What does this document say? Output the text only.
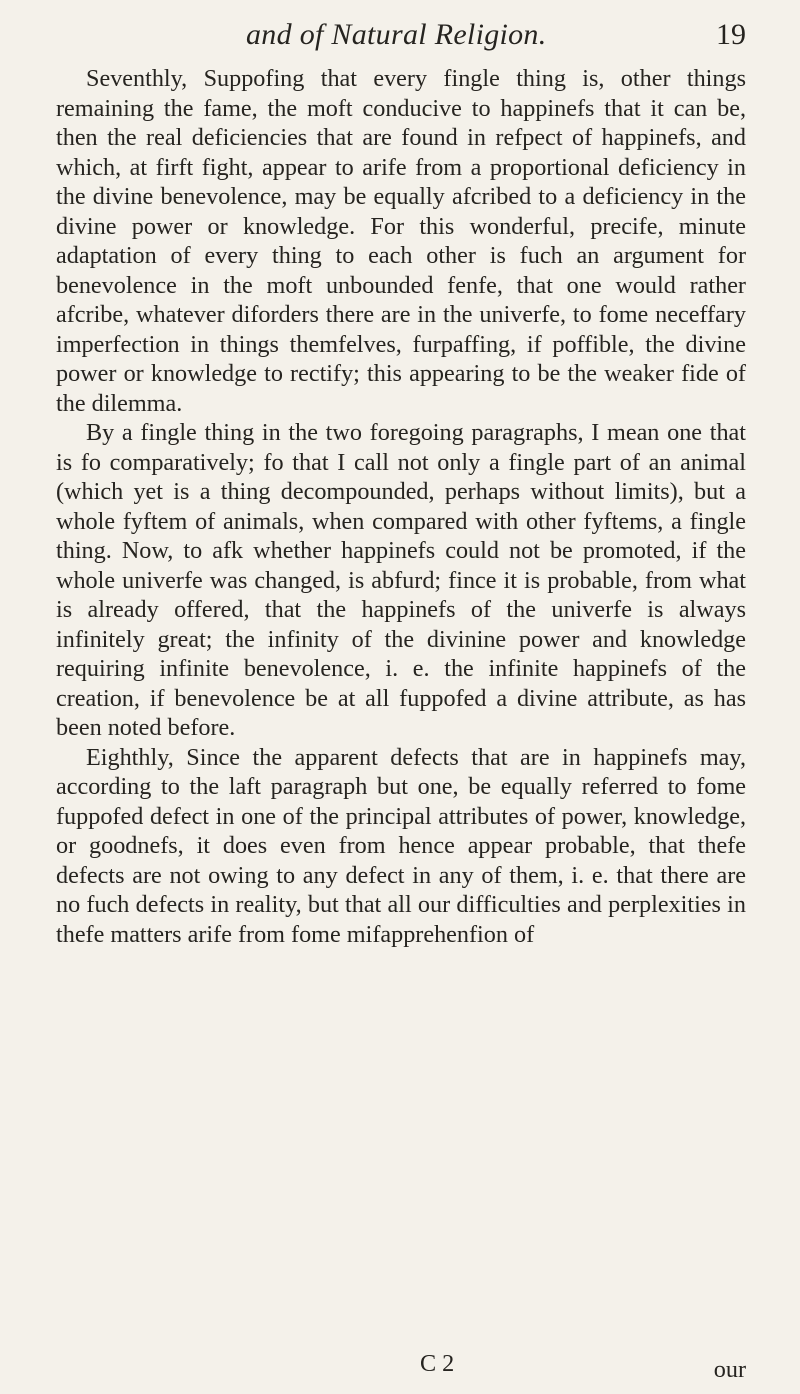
and of Natural Religion.	19

Seventhly, Suppofing that every fingle thing is, other things remaining the fame, the moft conducive to happinefs that it can be, then the real deficiencies that are found in refpect of happinefs, and which, at firft fight, appear to arife from a proportional deficiency in the divine benevolence, may be equally afcribed to a deficiency in the divine power or knowledge. For this wonderful, precife, minute adaptation of every thing to each other is fuch an argument for benevolence in the moft unbounded fenfe, that one would rather afcribe, whatever diforders there are in the univerfe, to fome neceffary imperfection in things themfelves, furpaffing, if poffible, the divine power or knowledge to rectify; this appearing to be the weaker fide of the dilemma.

By a fingle thing in the two foregoing paragraphs, I mean one that is fo comparatively; fo that I call not only a fingle part of an animal (which yet is a thing decompounded, perhaps without limits), but a whole fyftem of animals, when compared with other fyftems, a fingle thing. Now, to afk whether happinefs could not be promoted, if the whole univerfe was changed, is abfurd; fince it is probable, from what is already offered, that the happinefs of the univerfe is always infinitely great; the infinity of the divinine power and knowledge requiring infinite benevolence, i. e. the infinite happinefs of the creation, if benevolence be at all fuppofed a divine attribute, as has been noted before.

Eighthly, Since the apparent defects that are in happinefs may, according to the laft paragraph but one, be equally referred to fome fuppofed defect in one of the principal attributes of power, knowledge, or goodnefs, it does even from hence appear probable, that thefe defects are not owing to any defect in any of them, i. e. that there are no fuch defects in reality, but that all our difficulties and perplexities in thefe matters arife from fome mifapprehenfion of

C 2	our
